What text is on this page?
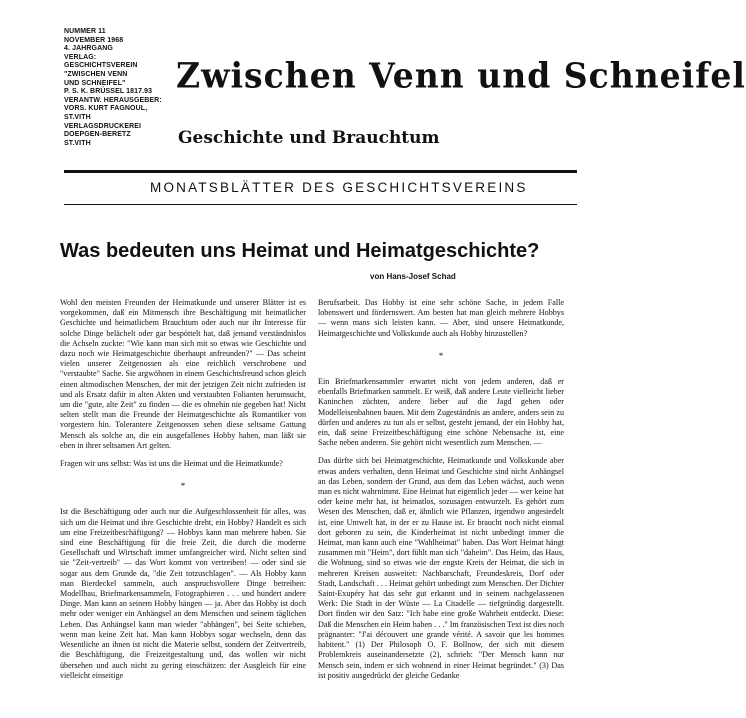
NUMMER 11
NOVEMBER 1968
4. JAHRGANG
VERLAG:
GESCHICHTSVEREIN
"ZWISCHEN VENN
UND SCHNEIFEL"
P. S. K. BRÜSSEL 1817.93
VERANTW. HERAUSGEBER:
VORS. KURT FAGNOUL,
ST.VITH
VERLAGSDRUCKEREI
DOEPGEN-BERETZ
ST.VITH
Zwischen Venn und Schneifel
Geschichte und Brauchtum
MONATSBLÄTTER DES GESCHICHTSVEREINS
Was bedeuten uns Heimat und Heimatgeschichte?
von Hans-Josef Schad

Wohl den meisten Freunden der Heimatkunde und unserer Blätter ist es vorgekommen, daß ein Mitmensch ihre Beschäftigung mit heimatlicher Geschichte und heimatlichem Brauchtum oder auch nur ihr Interesse für solche Dinge belächelt oder gar bespöttelt hat, daß jemand verständnislos die Achseln zuckte: "Wie kann man sich mit so etwas wie Geschichte und dazu noch wie Heimatgeschichte überhaupt anfreunden?" — Das scheint vielen unserer Zeitgenossen als eine reichlich verschrobene und "verstaubte" Sache. Sie argwöhnen in einem Geschichtsfreund schon gleich einen altmodischen Menschen, der mit der jetzigen Zeit nicht zufrieden ist und als Ersatz dafür in alten Akten und verstaubten Folianten herumsucht, um die "gute, alte Zeit" zu finden — die es ohnehin nie gegeben hat! Nicht selten stellt man die Freunde der Heimatgeschichte als Romantiker von vorgestern hin. Tolerantere Zeitgenossen sehen diese seltsame Gattung Mensch als solche an, die ein ausgefallenes Hobby haben, man läßt sie eben in ihrer seltsamen Art gelten.

Fragen wir uns selbst: Was ist uns die Heimat und die Heimatkunde?

*

Ist die Beschäftigung oder auch nur die Aufgeschlossenheit für alles, was sich um die Heimat und ihre Geschichte dreht, ein Hobby? Handelt es sich um eine Freizeitbeschäftigung? — Hobbys kann man mehrere haben. Sie sind eine Beschäftigung für die freie Zeit, die durch die moderne Gesellschaft und Wirtschaft immer umfangreicher wird. Nicht selten sind sie "Zeit-vertreib" — das Wort kommt von vertreiben! — oder sind sie sogar aus dem Grunde da, "die Zeit totzuschlagen". — Als Hobby kann man Bierdeckel sammeln, auch anspruchsvollere Dinge betreiben: Modellbau, Briefmarkensammeln, Fotographieren . . . und hundert andere Dinge. Man kann an seinem Hobby hängen — ja. Aber das Hobby ist doch mehr oder weniger ein Anhängsel an dem Menschen und seinem täglichen Leben. Das Anhängsel kann man wieder "abhängen", bei Seite schieben, wenn man keine Zeit hat. Man kann Hobbys sogar wechseln, denn das Wesentliche an ihnen ist nicht die Materie selbst, sondern der Zeitvertreib, die Beschäftigung, die Freizeitgestaltung und, das wollen wir nicht übersehen und auch nicht zu gering einschätzen: der Ausgleich für eine vielleicht einseitige

Berufsarbeit. Das Hobby ist eine sehr schöne Sache, in jedem Falle lobenswert und fördernswert. Am besten hat man gleich mehrere Hobbys — wenn mans sich leisten kann. — Aber, sind unsere Heimatkunde, Heimatgeschichte und Volkskunde auch als Hobby hinzustellen?

*

Ein Briefmarkensammler erwartet nicht von jedem anderen, daß er ebenfalls Briefmarken sammelt. Er weiß, daß andere Leute vielleicht lieber Kaninchen züchten, andere lieber auf die Jagd gehen oder Modelleisenbahnen bauen. Mit dem Zugeständnis an andere, anders sein zu dürfen und anderes zu tun als er selbst, gesteht jemand, der ein Hobby hat, ein, daß seine Freizeitbeschäftigung eine schöne Nebensache ist, eine Sache neben anderen. Sie gehört nicht wesentlich zum Menschen. —

Das dürfte sich bei Heimatgeschichte, Heimatkunde und Volkskunde aber etwas anders verhalten, denn Heimat und Geschichte sind nicht Anhängsel an das Leben, sondern der Grund, aus dem das Leben wächst, auch wenn man es nicht wahrnimmt. Eine Heimat hat eigentlich jeder — wer keine hat oder keine mehr hat, ist heimatlos, sozusagen entwurzelt. Es gehört zum Wesen des Menschen, daß er, ähnlich wie Pflanzen, irgendwo angesiedelt ist, eine Umwelt hat, in der er zu Hause ist. Er braucht noch nicht einmal dort geboren zu sein, die Kinderheimat ist nicht unbedingt immer die Heimat, man kann auch eine "Wahlheimat" haben. Das Wort Heimat hängt zusammen mit "Heim", dort fühlt man sich "daheim". Das Heim, das Haus, die Wohnung, sind so etwas wie der engste Kreis der Heimat, die sich in mehreren Kreisen ausweitet: Nachbarschaft, Freundeskreis, Dorf oder Stadt, Landschaft . . . Heimat gehört unbedingt zum Menschen. Der Dichter Saint-Exupéry hat das sehr gut erkannt und in seinem nachgelassenen Werk: Die Stadt in der Wüste — La Citadelle — tiefgründig dargestellt. Dort finden wir den Satz: "Ich habe eine große Wahrheit entdeckt. Diese: Daß die Menschen ein Heim haben . . ." Im französischen Text ist dies noch prägnanter: "J'ai découvert une grande vérité. A savoir que les hommes habitent." (1) Der Philosoph O. F. Bollnow, der sich mit diesem Problemkreis auseinandersetzte (2), schrieb: "Der Mensch kann nur Mensch sein, indem er sich wohnend in einer Heimat begründet." (3) Das ist positiv ausgedrückt der gleiche Gedanke
